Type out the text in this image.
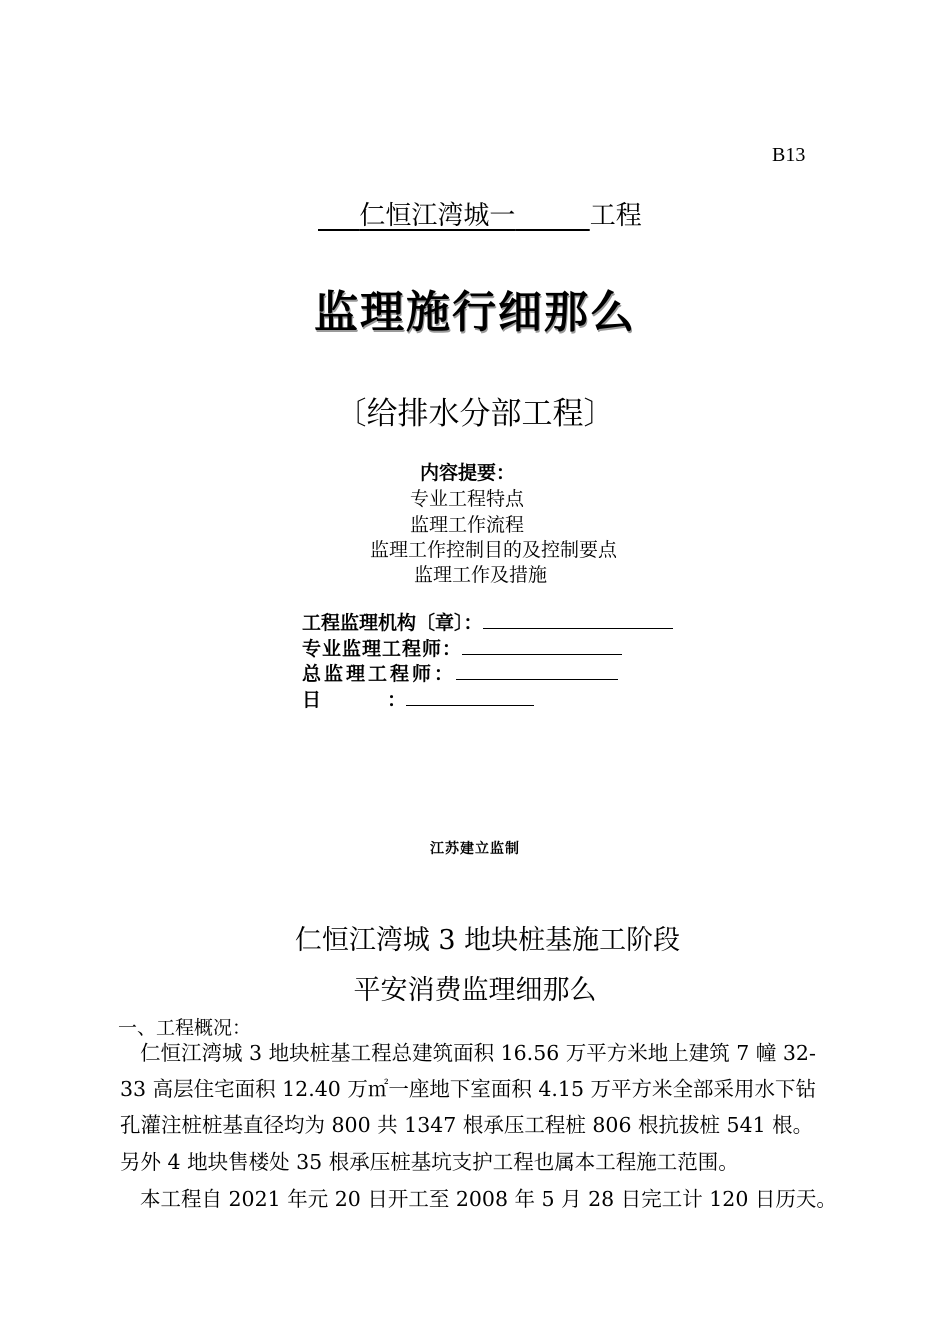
B13
仁恒江湾城一	工程
监理施行细那么
〔给排水分部工程〕
内容提要：
专业工程特点
监理工作流程
监理工作控制目的及控制要点
监理工作及措施
工程监理机构〔章〕：
专业监理工程师：
总监理工程师：
日          ：
江苏建立监制
仁恒江湾城 3 地块桩基施工阶段
平安消费监理细那么
一、工程概况：
仁恒江湾城 3 地块桩基工程总建筑面积 16.56 万平方米地上建筑 7 幢 32-
33 高层住宅面积 12.40 万㎡一座地下室面积 4.15 万平方米全部采用水下钻
孔灌注桩桩基直径均为 800 共 1347 根承压工程桩 806 根抗拔桩 541 根。
另外 4 地块售楼处 35 根承压桩基坑支护工程也属本工程施工范围。
本工程自 2021 年元 20 日开工至 2008 年 5 月 28 日完工计 120 日历天。
